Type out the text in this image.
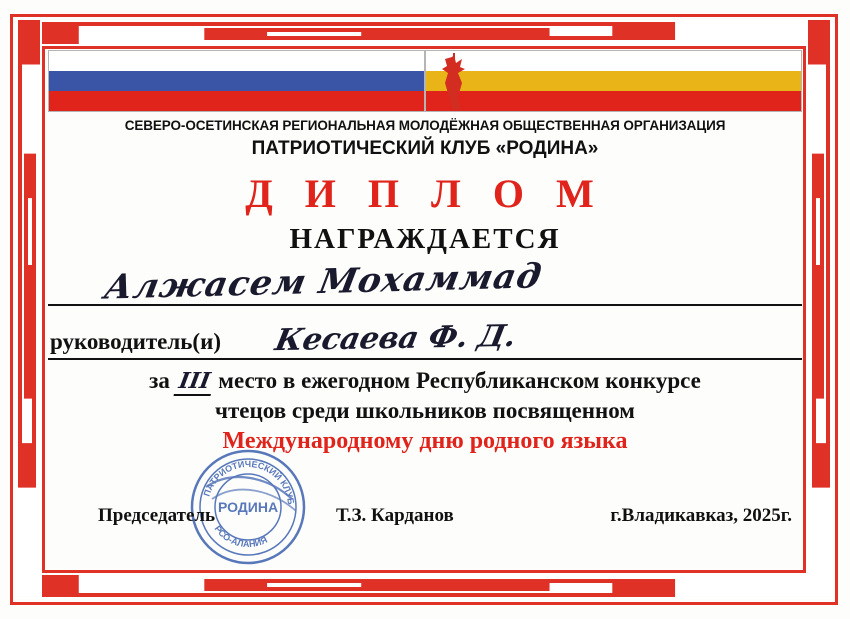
СЕВЕРО-ОСЕТИНСКАЯ РЕГИОНАЛЬНАЯ МОЛОДЁЖНАЯ ОБЩЕСТВЕННАЯ ОРГАНИЗАЦИЯ
ПАТРИОТИЧЕСКИЙ КЛУБ «РОДИНА»
Д И П Л О М
НАГРАЖДАЕТСЯ
Алжасем Мохаммад
руководитель(и) Кесаева Ф. Д.
за III место в ежегодном Республиканском конкурсе
чтецов среди школьников посвященном
Международному дню родного языка
ПАТРИОТИЧЕСКИЙ КЛУБ
РСО-АЛАНИЯ
РОДИНА
Председатель	Т.З. Карданов	г.Владикавказ, 2025г.
